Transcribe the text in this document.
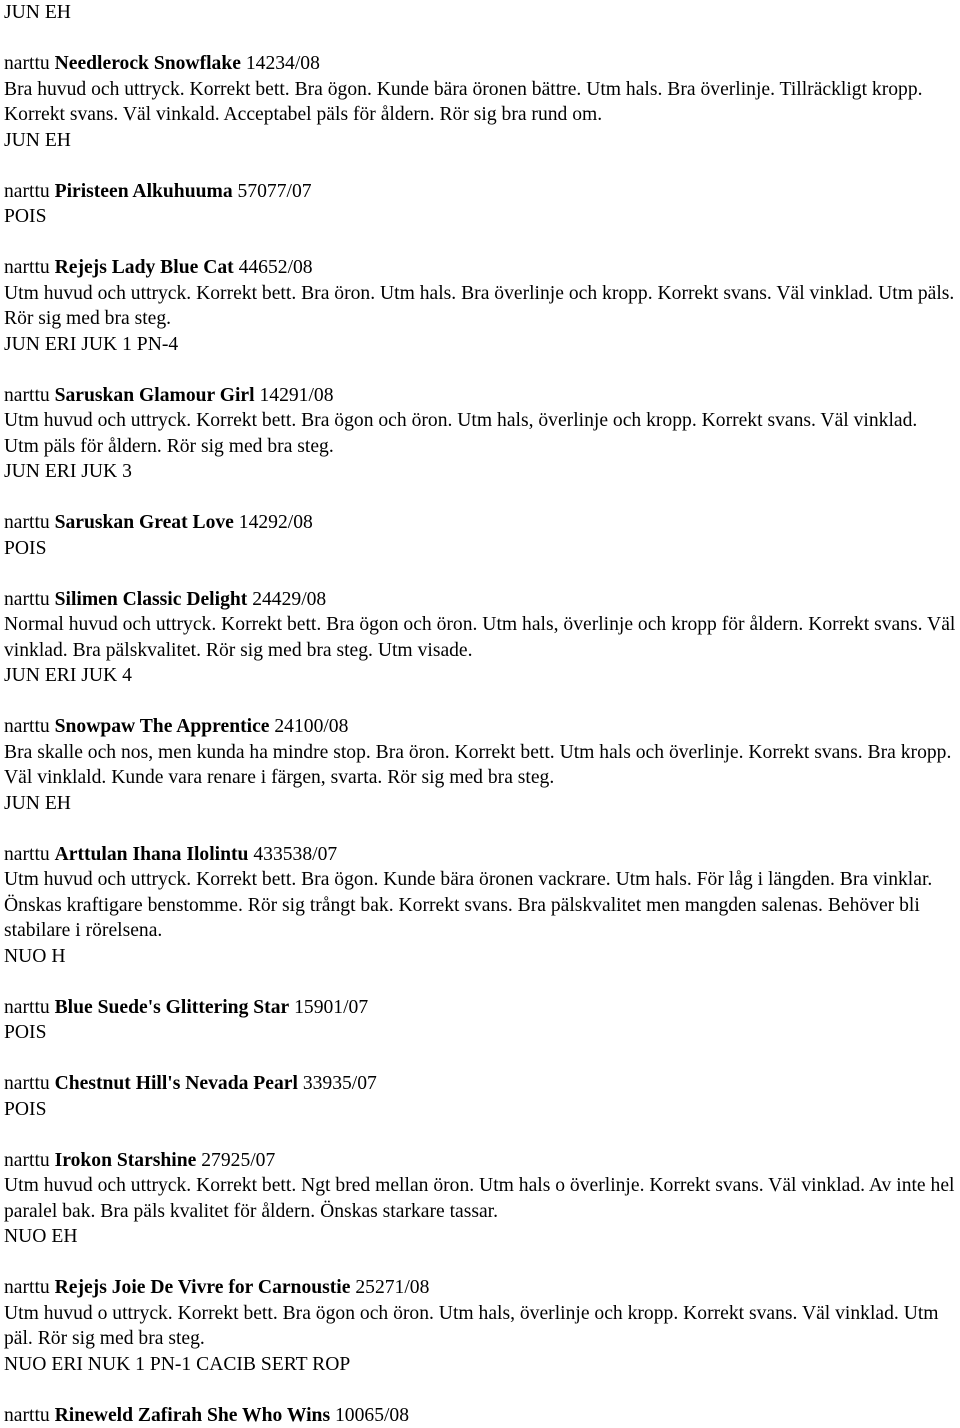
JUN EH
narttu Needlerock Snowflake 14234/08
Bra huvud och uttryck. Korrekt bett. Bra ögon. Kunde bära öronen bättre. Utm hals. Bra överlinje. Tillräckligt kropp. Korrekt svans. Väl vinkald. Acceptabel päls för åldern. Rör sig bra rund om.
JUN EH
narttu Piristeen Alkuhuuma 57077/07
POIS
narttu Rejejs Lady Blue Cat 44652/08
Utm huvud och uttryck. Korrekt bett. Bra öron. Utm hals. Bra överlinje och kropp. Korrekt svans. Väl vinklad. Utm päls. Rör sig med bra steg.
JUN ERI JUK 1 PN-4
narttu Saruskan Glamour Girl 14291/08
Utm huvud och uttryck. Korrekt bett. Bra ögon och öron. Utm hals, överlinje och kropp. Korrekt svans. Väl vinklad. Utm päls för åldern. Rör sig med bra steg.
JUN ERI JUK 3
narttu Saruskan Great Love 14292/08
POIS
narttu Silimen Classic Delight 24429/08
Normal huvud och uttryck. Korrekt bett. Bra ögon och öron. Utm hals, överlinje och kropp för åldern. Korrekt svans. Väl vinklad. Bra pälskvalitet. Rör sig med bra steg. Utm visade.
JUN ERI JUK 4
narttu Snowpaw The Apprentice 24100/08
Bra skalle och nos, men kunda ha mindre stop. Bra öron. Korrekt bett. Utm hals och överlinje. Korrekt svans. Bra kropp. Väl vinklald. Kunde vara renare i färgen, svarta. Rör sig med bra steg.
JUN EH
narttu Arttulan Ihana Ilolintu 433538/07
Utm huvud och uttryck. Korrekt bett. Bra ögon. Kunde bära öronen vackrare. Utm hals. För låg i längden. Bra vinklar. Önskas kraftigare benstomme. Rör sig trångt bak. Korrekt svans. Bra pälskvalitet men mangden salenas. Behöver bli stabilare i rörelsena.
NUO H
narttu Blue Suede's Glittering Star 15901/07
POIS
narttu Chestnut Hill's Nevada Pearl 33935/07
POIS
narttu Irokon Starshine 27925/07
Utm huvud och uttryck. Korrekt bett. Ngt bred mellan öron. Utm hals o överlinje. Korrekt svans. Väl vinklad. Av inte hel paralel bak. Bra päls kvalitet för åldern. Önskas starkare tassar.
NUO EH
narttu Rejejs Joie De Vivre for Carnoustie 25271/08
Utm huvud o uttryck. Korrekt bett. Bra ögon och öron. Utm hals, överlinje och kropp. Korrekt svans. Väl vinklad. Utm päl. Rör sig med bra steg.
NUO ERI NUK 1 PN-1 CACIB SERT ROP
narttu Rineweld Zafirah She Who Wins 10065/08
